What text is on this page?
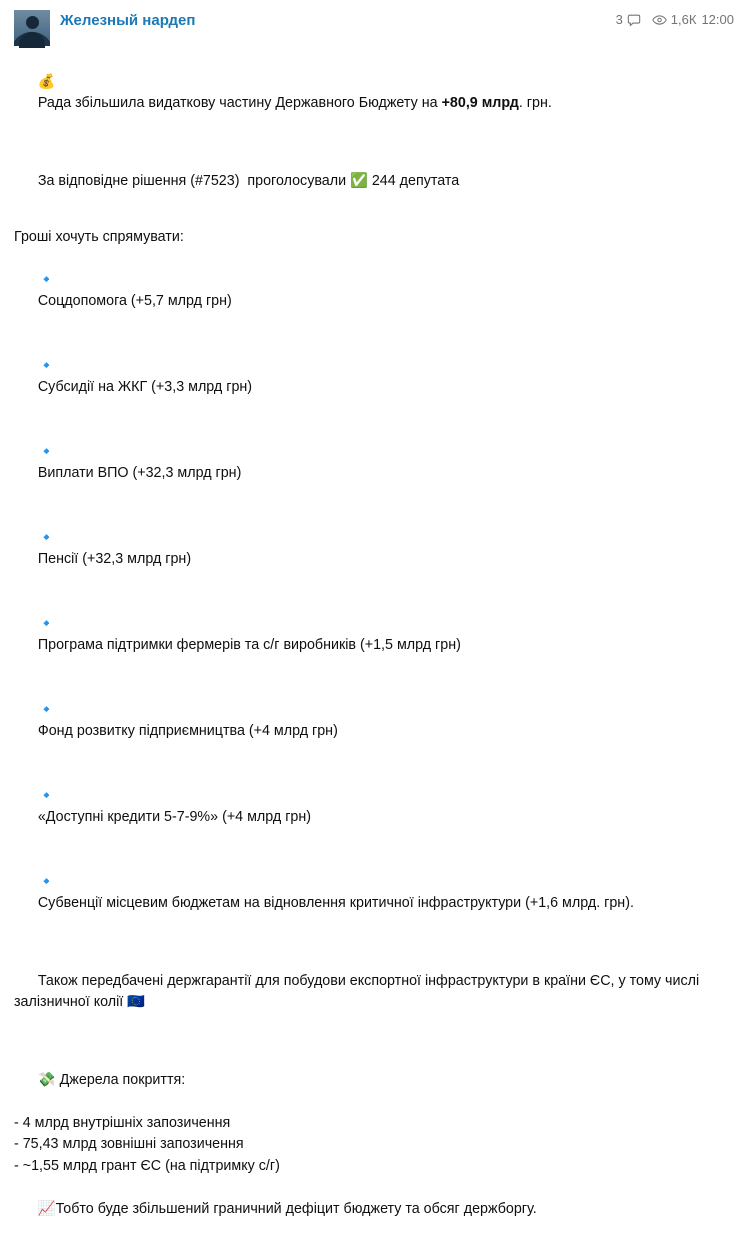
Железный нардеп	3	1,6К 12:00

💰
Рада збільшила видаткову частину Державного Бюджету на +80,9 млрд. грн.

За відповідне рішення (#7523)  проголосували ✅ 244 депутата

Гроші хочуть спрямувати:

🔹
Соцдопомога (+5,7 млрд грн)

🔹
Субсидії на ЖКГ (+3,3 млрд грн)

🔹
Виплати ВПО (+32,3 млрд грн)

🔹
Пенсії (+32,3 млрд грн)

🔹
Програма підтримки фермерів та с/г виробників (+1,5 млрд грн)

🔹
Фонд розвитку підприємництва (+4 млрд грн)

🔹
«Доступні кредити 5-7-9%» (+4 млрд грн)

🔹
Субвенції місцевим бюджетам на відновлення критичної інфраструктури (+1,6 млрд. грн).

Також передбачені держгарантії для побудови експортної інфраструктури в країни ЄС, у тому числі залізничної колії 🇪🇺

💸 Джерела покриття:

- 4 млрд внутрішніх запозичення
- 75,43 млрд зовнішні запозичення
- ~1,55 млрд грант ЄС (на підтримку с/г)

📈Тобто буде збільшений граничний дефіцит бюджету та обсяг держборгу.
